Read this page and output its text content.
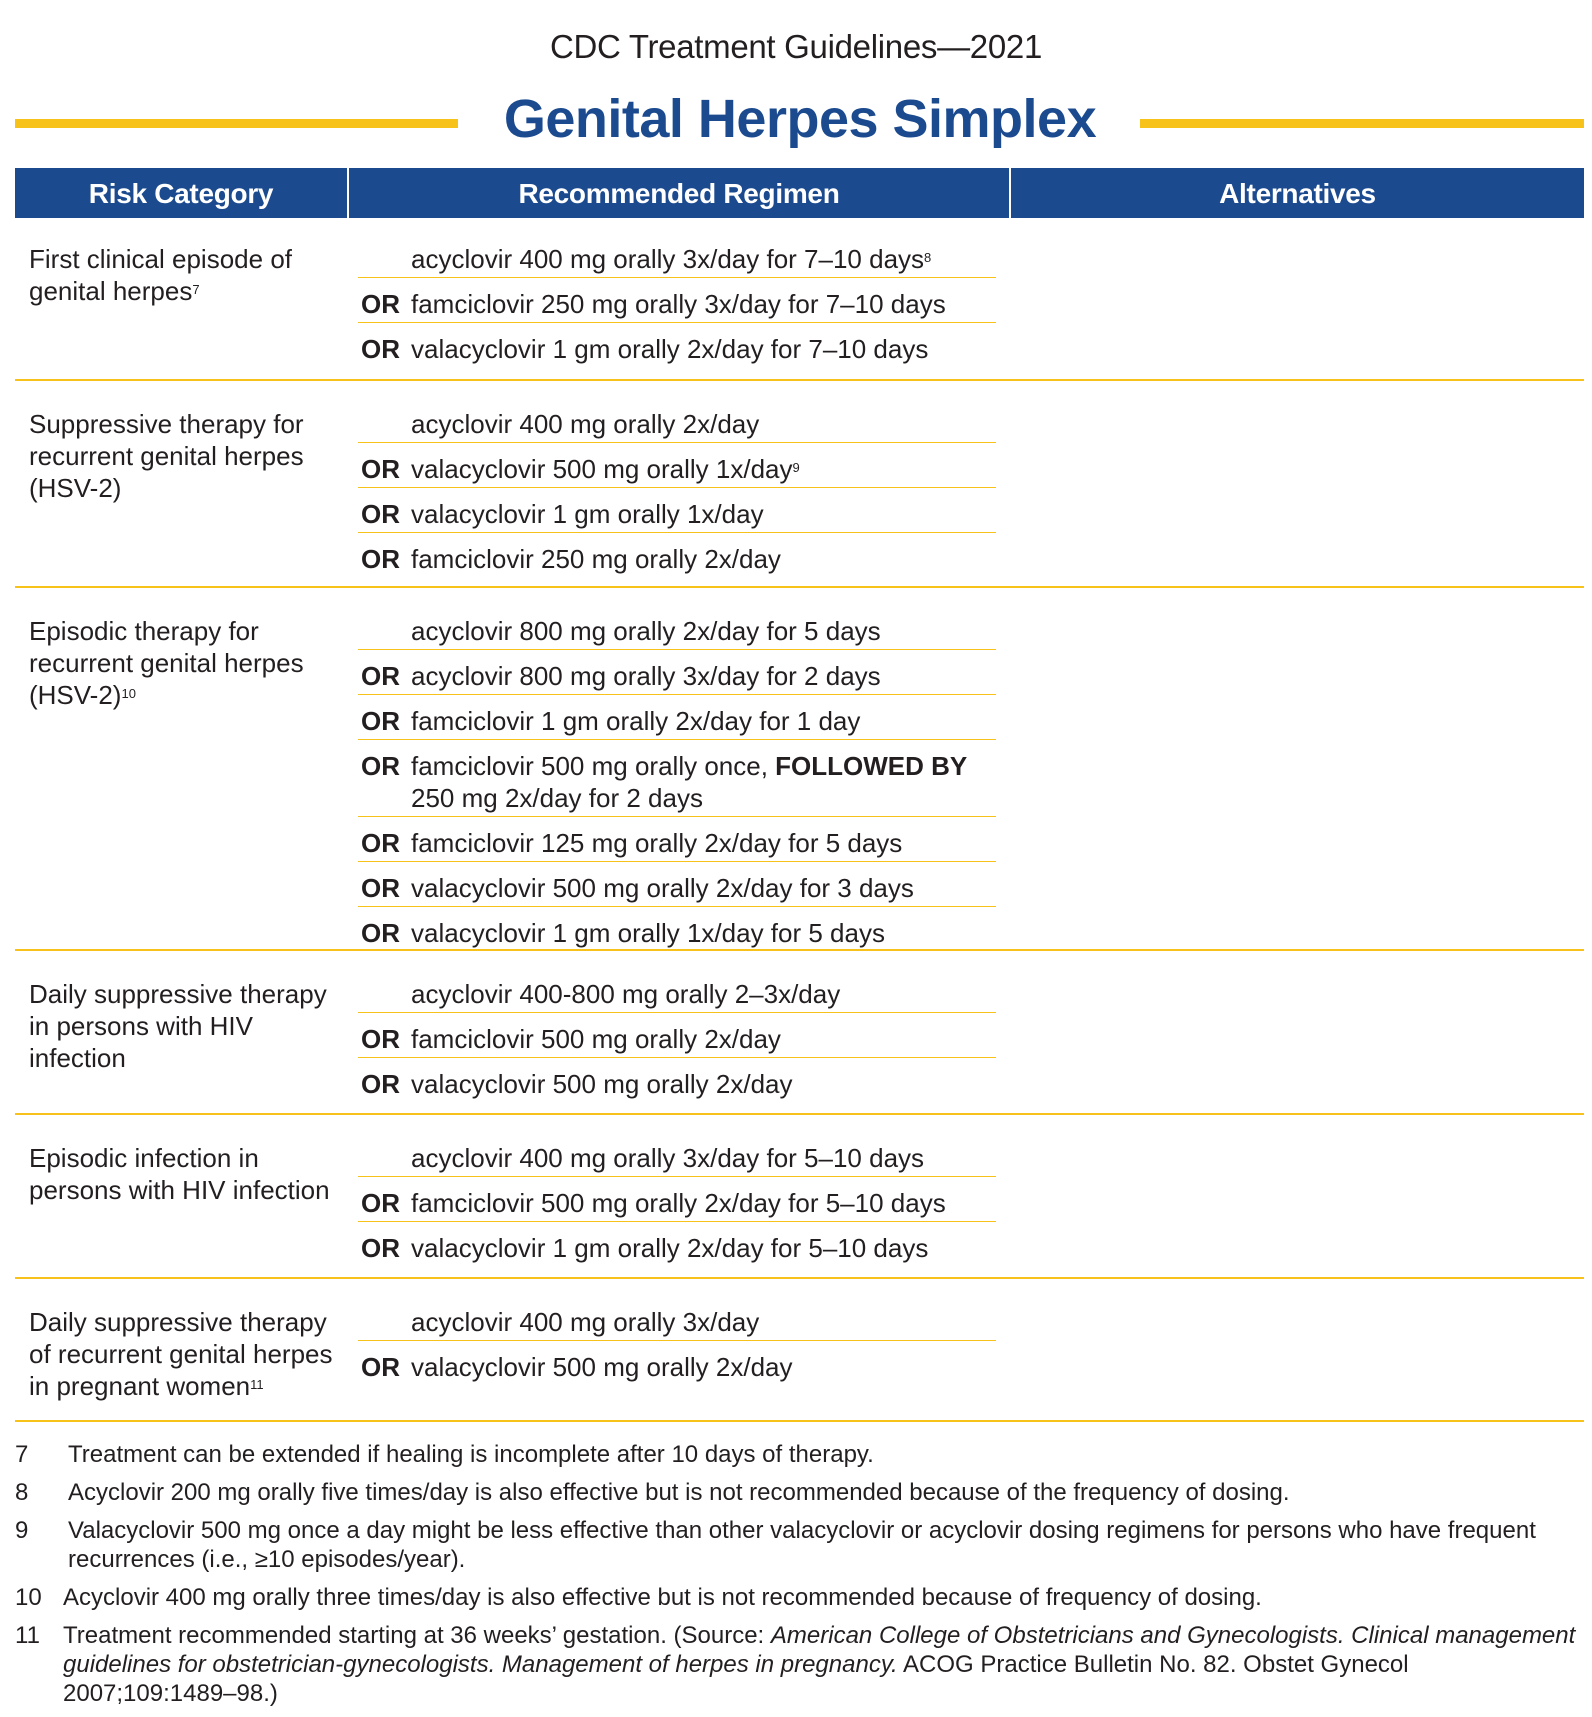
CDC Treatment Guidelines—2021
Genital Herpes Simplex
Risk Category	Recommended Regimen	Alternatives
First clinical episode of genital herpes$^7$
acyclovir 400 mg orally 3x/day for 7–10 days$^8$
OR famciclovir 250 mg orally 3x/day for 7–10 days
OR valacyclovir 1 gm orally 2x/day for 7–10 days
Suppressive therapy for recurrent genital herpes (HSV-2)
acyclovir 400 mg orally 2x/day
OR valacyclovir 500 mg orally 1x/day$^9$
OR valacyclovir 1 gm orally 1x/day
OR famciclovir 250 mg orally 2x/day
Episodic therapy for recurrent genital herpes $(HSV-2)^{10}$
acyclovir 800 mg orally 2x/day for 5 days
OR acyclovir 800 mg orally 3x/day for 2 days
OR famciclovir 1 gm orally 2x/day for 1 day
OR famciclovir 500 mg orally once, FOLLOWED BY
250 mg 2x/day for 2 days
OR famciclovir 125 mg orally 2x/day for 5 days
OR valacyclovir 500 mg orally 2x/day for 3 days
OR valacyclovir 1 gm orally 1x/day for 5 days
Daily suppressive therapy in persons with HIV infection
acyclovir 400-800 mg orally 2–3x/day
OR famciclovir 500 mg orally 2x/day
OR valacyclovir 500 mg orally 2x/day
Episodic infection in persons with HIV infection
acyclovir 400 mg orally 3x/day for 5–10 days
OR famciclovir 500 mg orally 2x/day for 5–10 days
OR valacyclovir 1 gm orally 2x/day for 5–10 days
Daily suppressive therapy of recurrent genital herpes in pregnant women$^{11}$
acyclovir 400 mg orally 3x/day
OR valacyclovir 500 mg orally 2x/day
7 Treatment can be extended if healing is incomplete after 10 days of therapy.
8 Acyclovir 200 mg orally five times/day is also effective but is not recommended because of the frequency of dosing.
9 Valacyclovir 500 mg once a day might be less effective than other valacyclovir or acyclovir dosing regimens for persons who have frequent recurrences (i.e., ≥10 episodes/year).
10 Acyclovir 400 mg orally three times/day is also effective but is not recommended because of frequency of dosing.
11 Treatment recommended starting at 36 weeks’ gestation. (Source: American College of Obstetricians and Gynecologists. Clinical management guidelines for obstetrician-gynecologists. Management of herpes in pregnancy. ACOG Practice Bulletin No. 82. Obstet Gynecol 2007;109:1489–98.)
